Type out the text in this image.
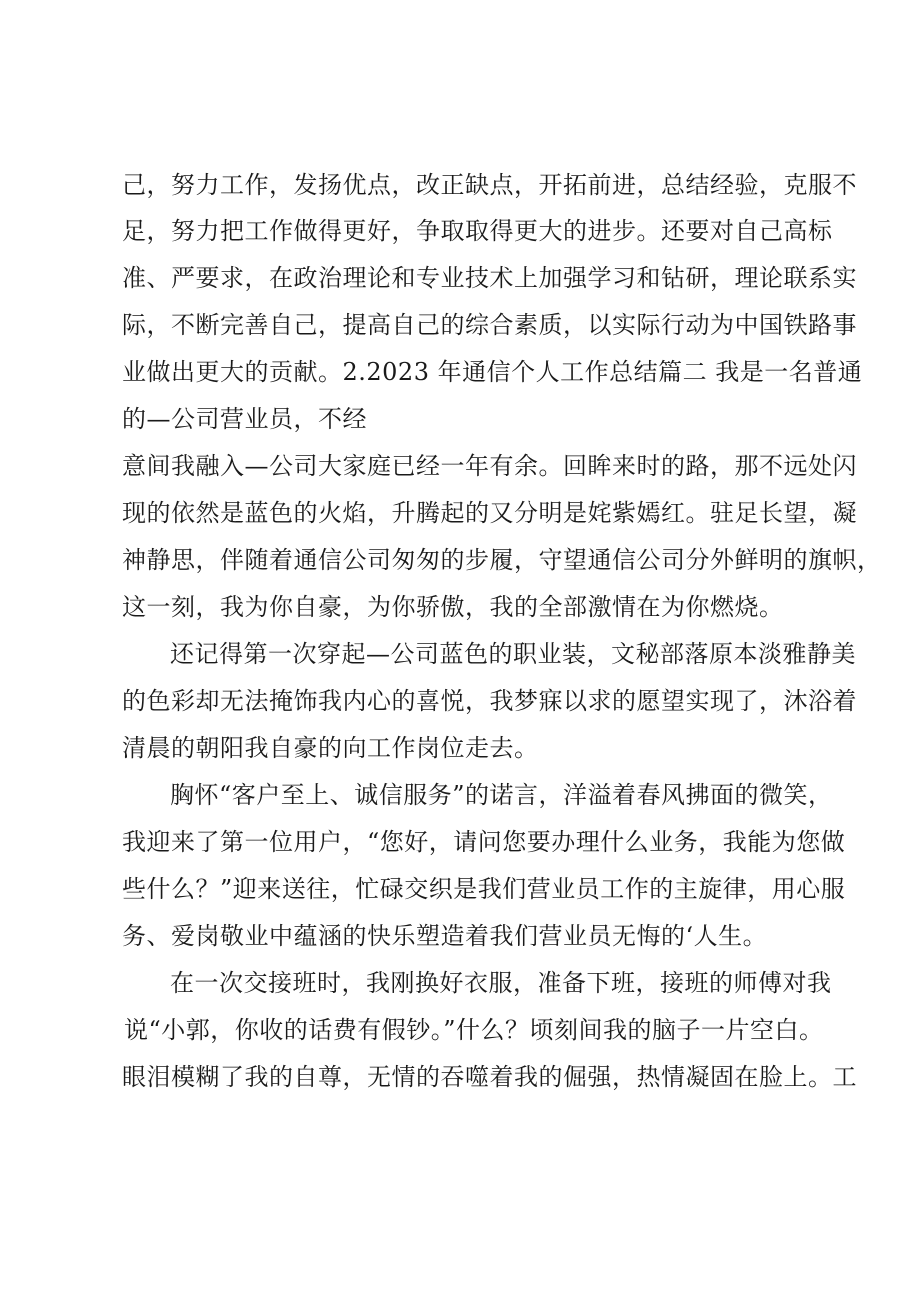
己，努力工作，发扬优点，改正缺点，开拓前进，总结经验，克服不
足，努力把工作做得更好，争取取得更大的进步。还要对自己高标
准、严要求，在政治理论和专业技术上加强学习和钻研，理论联系实
际，不断完善自己，提高自己的综合素质，以实际行动为中国铁路事
业做出更大的贡献。2.2023 年通信个人工作总结篇二 我是一名普通
的—公司营业员，不经
意间我融入—公司大家庭已经一年有余。回眸来时的路，那不远处闪
现的依然是蓝色的火焰，升腾起的又分明是姹紫嫣红。驻足长望，凝
神静思，伴随着通信公司匆匆的步履，守望通信公司分外鲜明的旗帜，
这一刻，我为你自豪，为你骄傲，我的全部激情在为你燃烧。
还记得第一次穿起—公司蓝色的职业装，文秘部落原本淡雅静美
的色彩却无法掩饰我内心的喜悦，我梦寐以求的愿望实现了，沐浴着
清晨的朝阳我自豪的向工作岗位走去。
胸怀“客户至上、诚信服务”的诺言，洋溢着春风拂面的微笑，
我迎来了第一位用户，“您好，请问您要办理什么业务，我能为您做
些什么？”迎来送往，忙碌交织是我们营业员工作的主旋律，用心服
务、爱岗敬业中蕴涵的快乐塑造着我们营业员无悔的‘人生。
在一次交接班时，我刚换好衣服，准备下班，接班的师傅对我
说“小郭，你收的话费有假钞。”什么？顷刻间我的脑子一片空白。
眼泪模糊了我的自尊，无情的吞噬着我的倔强，热情凝固在脸上。工
